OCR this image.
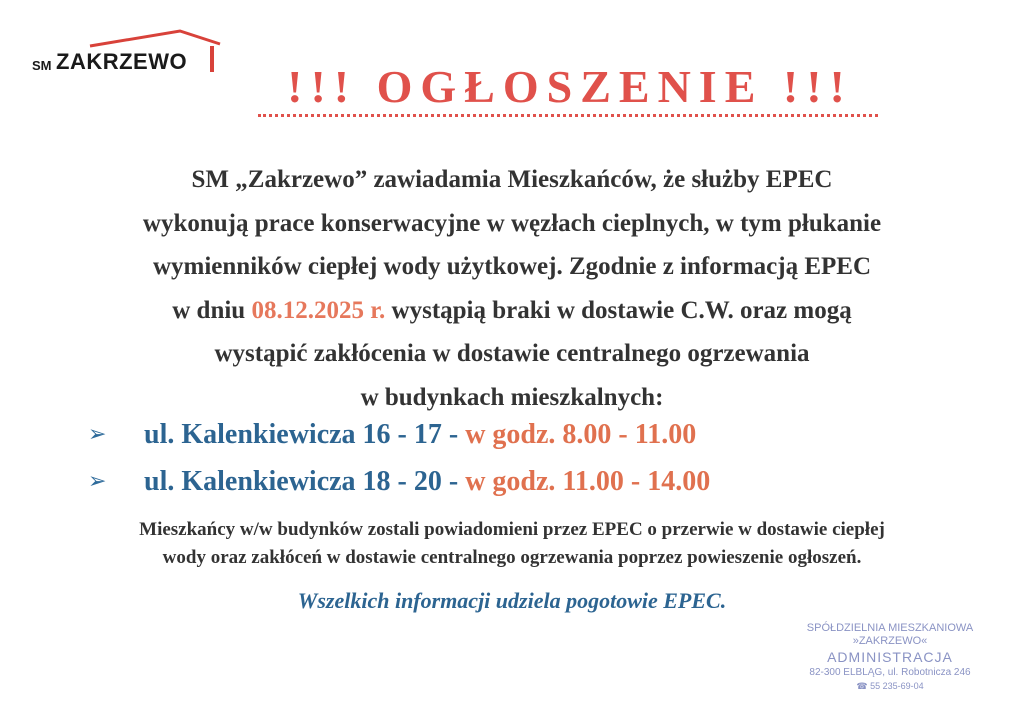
SM ZAKRZEWO	!!! OGŁOSZENIE !!!
SM „Zakrzewo” zawiadamia Mieszkańców, że służby EPEC
wykonują prace konserwacyjne w węzłach cieplnych, w tym płukanie
wymienników ciepłej wody użytkowej. Zgodnie z informacją EPEC
w dniu 08.12.2025 r. wystąpią braki w dostawie C.W. oraz mogą
wystąpić zakłócenia w dostawie centralnego ogrzewania
w budynkach mieszkalnych:
➢ ul. Kalenkiewicza 16 - 17 - w godz. 8.00 - 11.00
➢ ul. Kalenkiewicza 18 - 20 - w godz. 11.00 - 14.00
Mieszkańcy w/w budynków zostali powiadomieni przez EPEC o przerwie w dostawie ciepłej
wody oraz zakłóceń w dostawie centralnego ogrzewania poprzez powieszenie ogłoszeń.
Wszelkich informacji udziela pogotowie EPEC.
SPÓŁDZIELNIA MIESZKANIOWA
»ZAKRZEWO«
ADMINISTRACJA
82-300 ELBLĄG, ul. Robotnicza 246
☎ 55 235-69-04
